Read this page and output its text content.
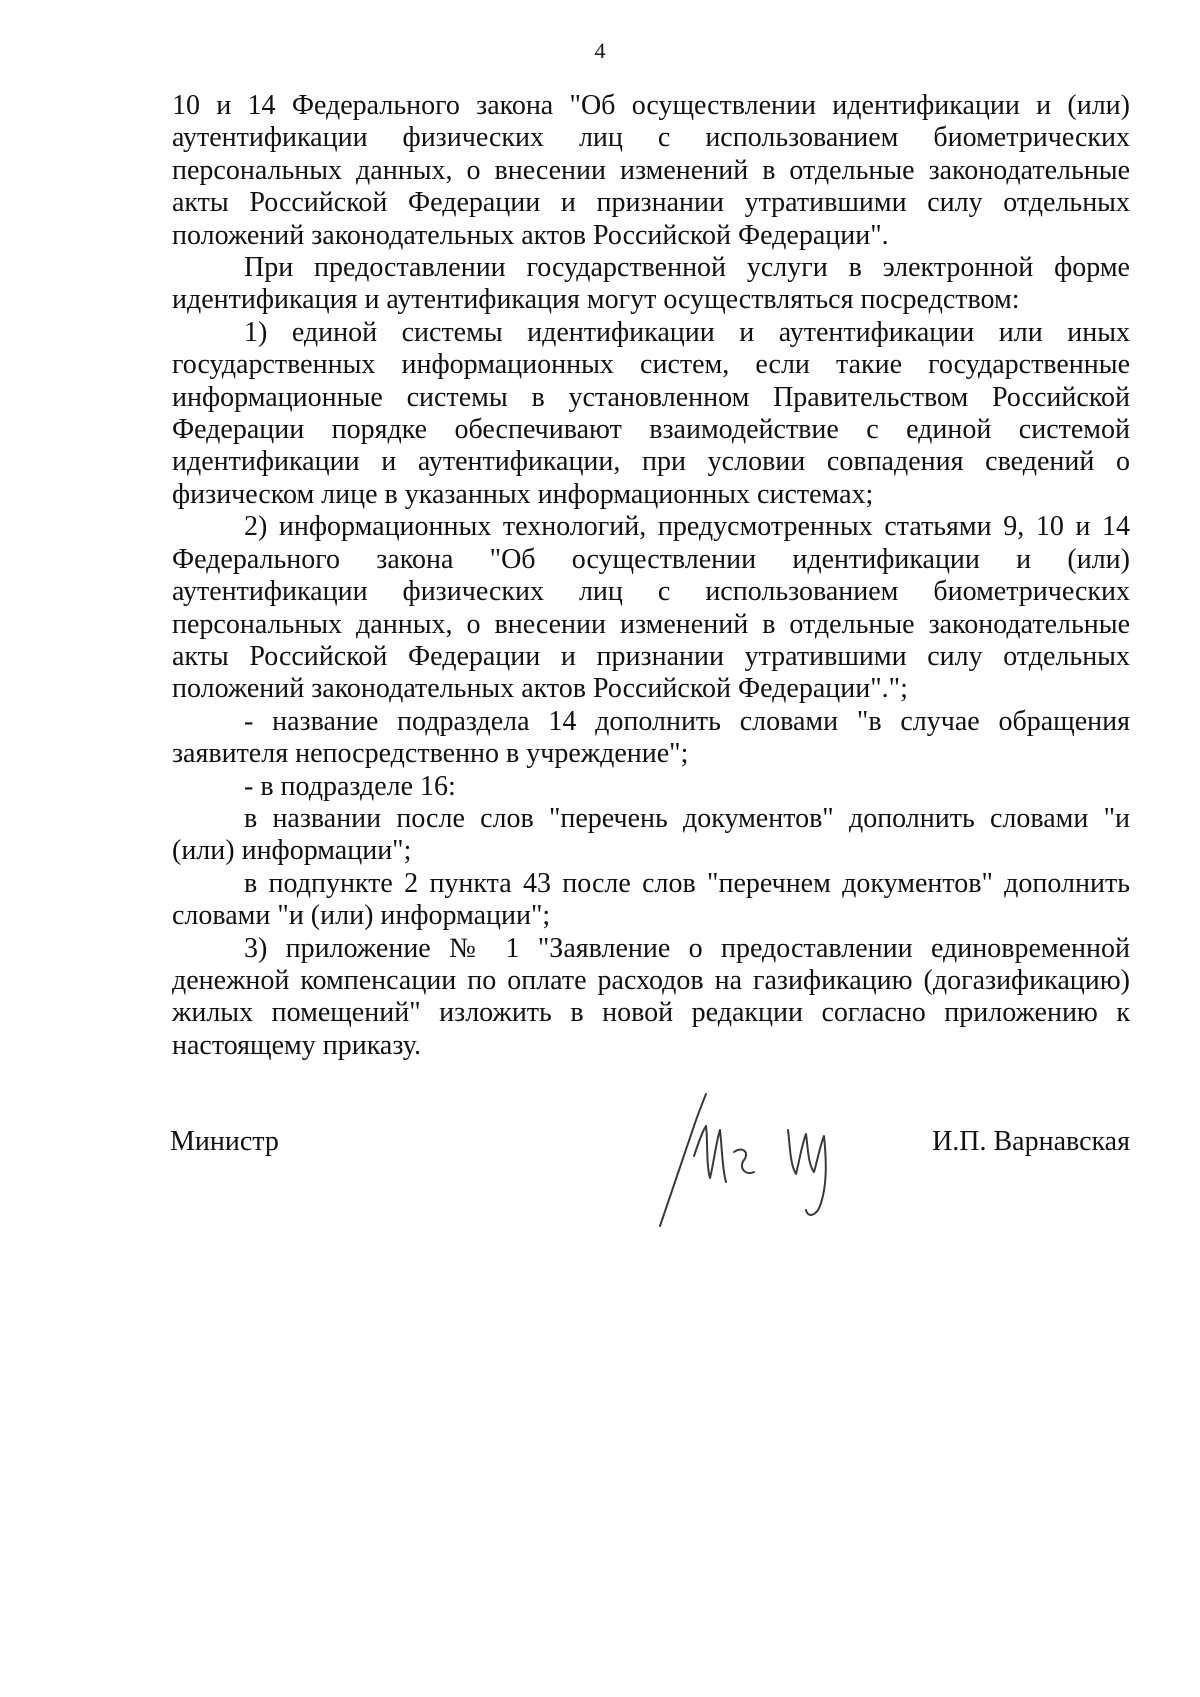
4

10 и 14 Федерального закона "Об осуществлении идентификации и (или) аутентификации физических лиц с использованием биометрических персональных данных, о внесении изменений в отдельные законодательные акты Российской Федерации и признании утратившими силу отдельных положений законодательных актов Российской Федерации".

При предоставлении государственной услуги в электронной форме идентификация и аутентификация могут осуществляться посредством:

1) единой системы идентификации и аутентификации или иных государственных информационных систем, если такие государственные информационные системы в установленном Правительством Российской Федерации порядке обеспечивают взаимодействие с единой системой идентификации и аутентификации, при условии совпадения сведений о физическом лице в указанных информационных системах;

2) информационных технологий, предусмотренных статьями 9, 10 и 14 Федерального закона "Об осуществлении идентификации и (или) аутентификации физических лиц с использованием биометрических персональных данных, о внесении изменений в отдельные законодательные акты Российской Федерации и признании утратившими силу отдельных положений законодательных актов Российской Федерации".";

- название подраздела 14 дополнить словами "в случае обращения заявителя непосредственно в учреждение";

- в подразделе 16:

в названии после слов "перечень документов" дополнить словами "и (или) информации";

в подпункте 2 пункта 43 после слов "перечнем документов" дополнить словами "и (или) информации";

3) приложение № 1 "Заявление о предоставлении единовременной денежной компенсации по оплате расходов на газификацию (догазификацию) жилых помещений" изложить в новой редакции согласно приложению к настоящему приказу.

Министр	И.П. Варнавская
